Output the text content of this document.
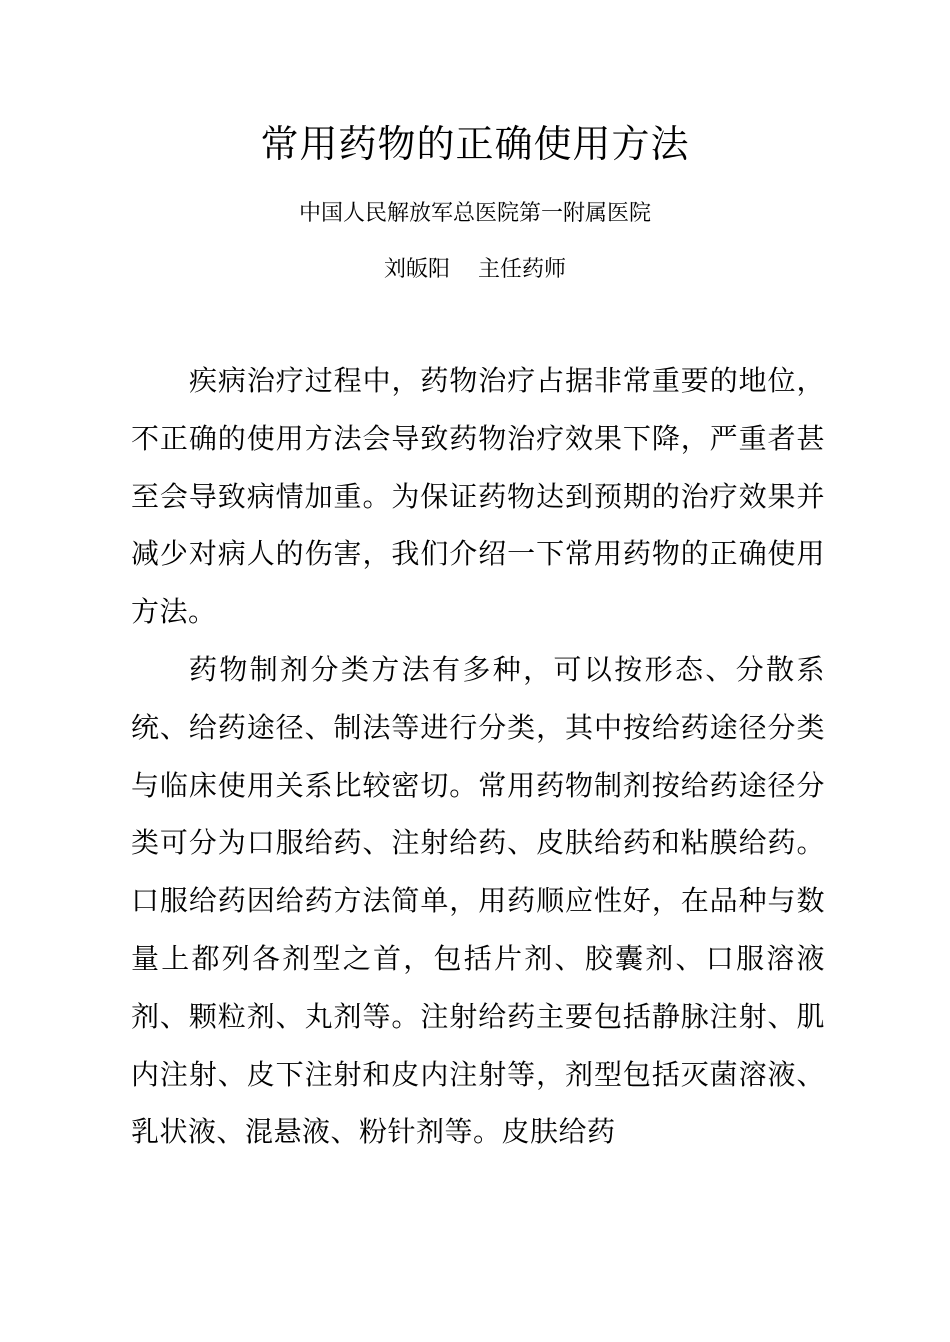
常用药物的正确使用方法
中国人民解放军总医院第一附属医院
刘皈阳    主任药师

疾病治疗过程中，药物治疗占据非常重要的地位，不正确的使用方法会导致药物治疗效果下降，严重者甚至会导致病情加重。为保证药物达到预期的治疗效果并减少对病人的伤害，我们介绍一下常用药物的正确使用方法。

药物制剂分类方法有多种，可以按形态、分散系统、给药途径、制法等进行分类，其中按给药途径分类与临床使用关系比较密切。常用药物制剂按给药途径分类可分为口服给药、注射给药、皮肤给药和粘膜给药。口服给药因给药方法简单，用药顺应性好，在品种与数量上都列各剂型之首，包括片剂、胶囊剂、口服溶液剂、颗粒剂、丸剂等。注射给药主要包括静脉注射、肌内注射、皮下注射和皮内注射等，剂型包括灭菌溶液、乳状液、混悬液、粉针剂等。皮肤给药
